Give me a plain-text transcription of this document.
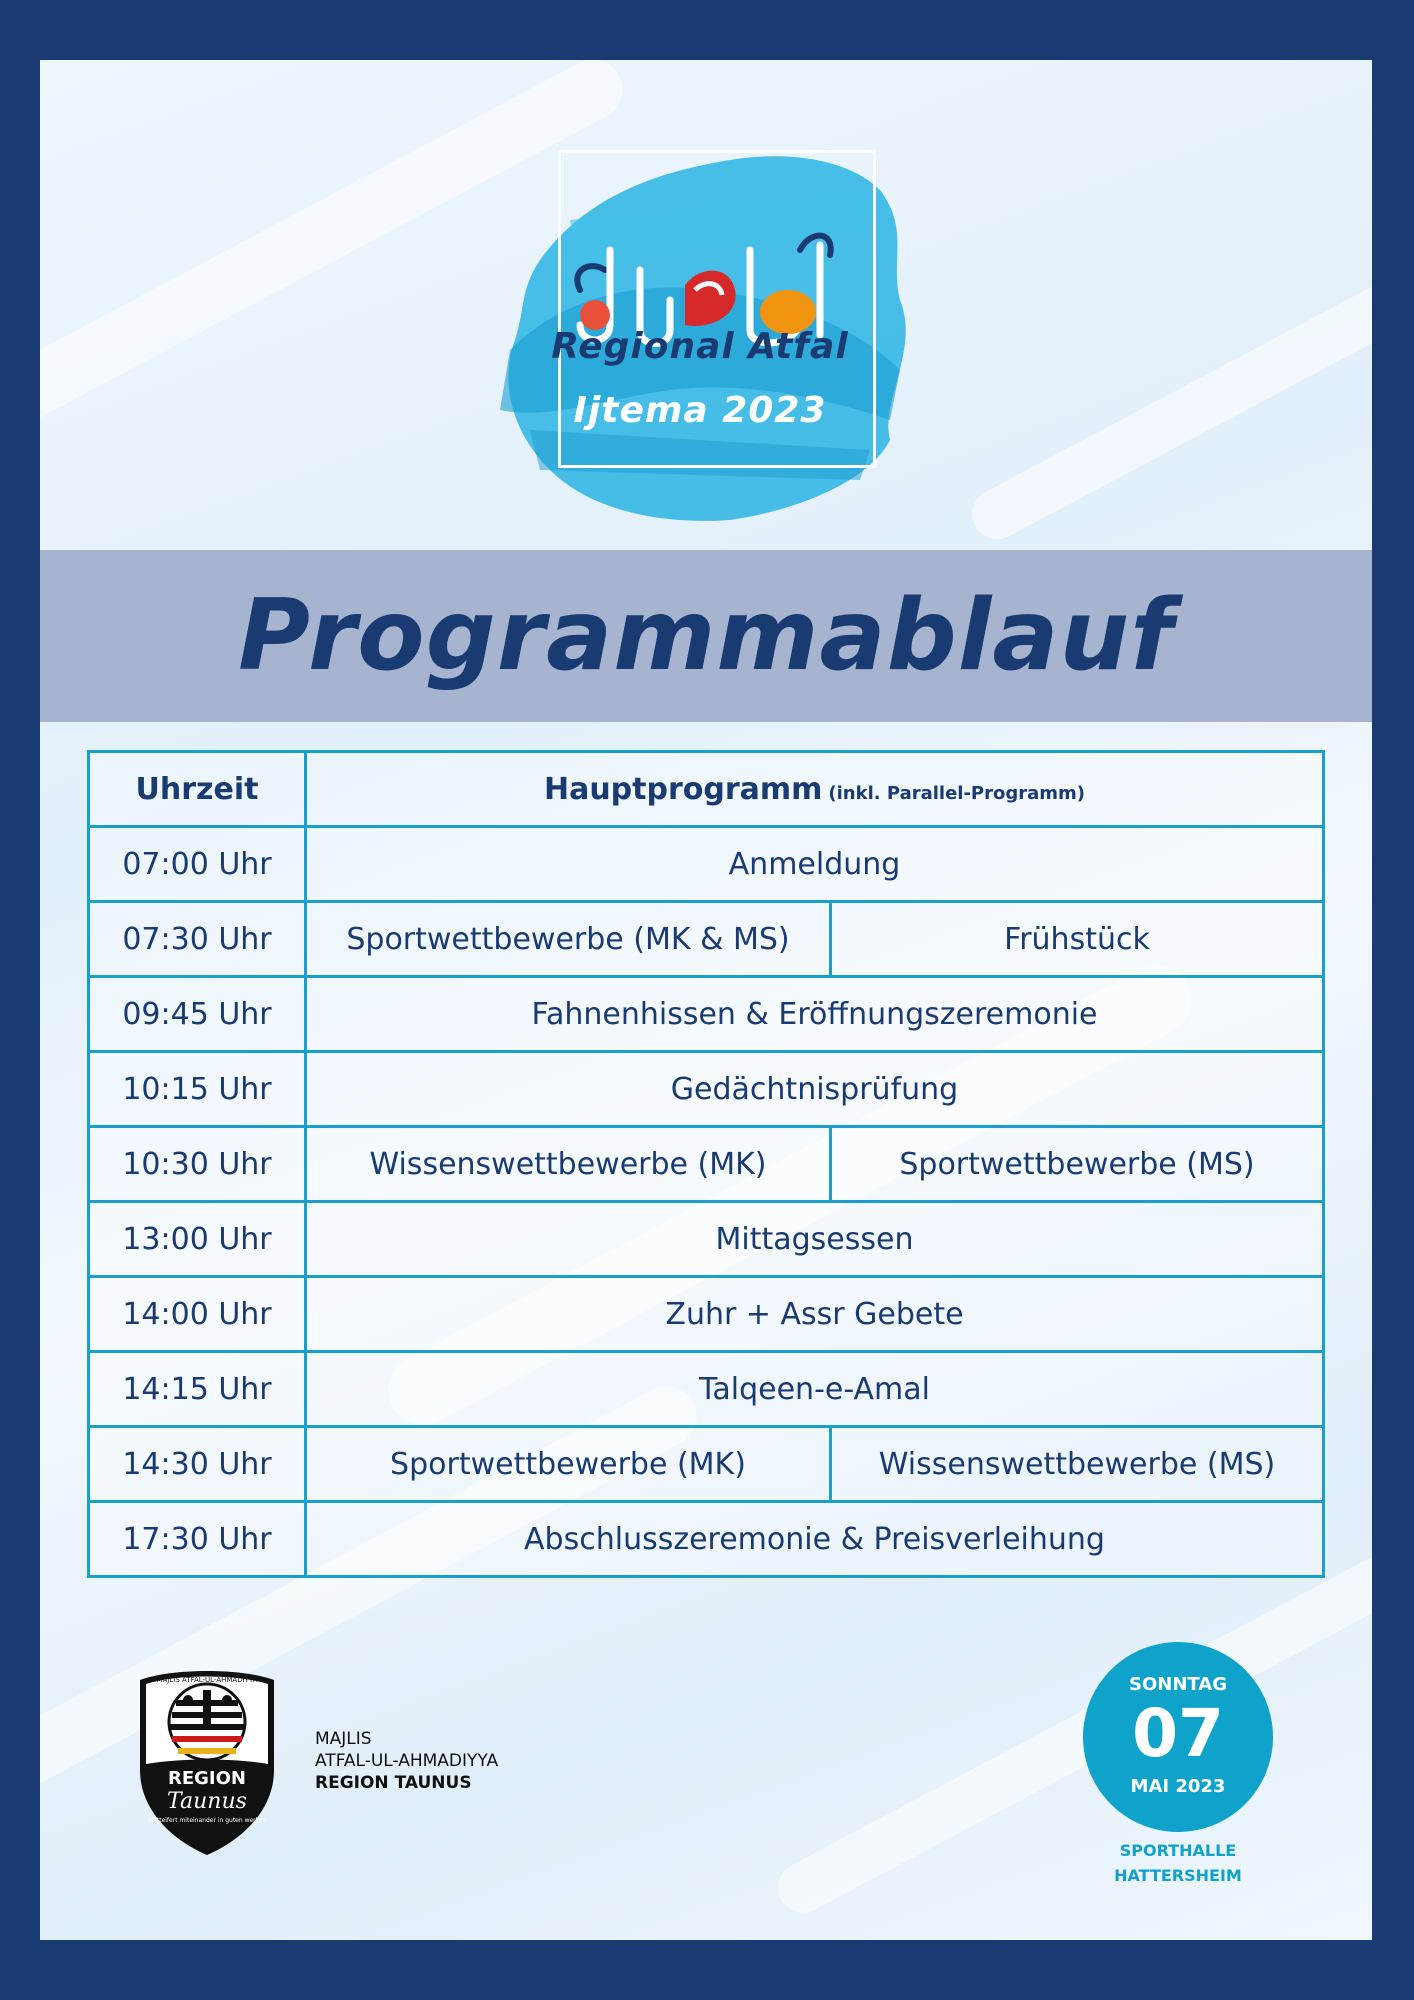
Regional Atfal
Ijtema 2023
Programmablauf
Uhrzeit	Hauptprogramm (inkl. Parallel-Programm)	
07:00 Uhr	Anmeldung	
07:30 Uhr	Sportwettbewerbe (MK & MS)	Frühstück
09:45 Uhr	Fahnenhissen & Eröffnungszeremonie	
10:15 Uhr	Gedächtnisprüfung	
10:30 Uhr	Wissenswettbewerbe (MK)	Sportwettbewerbe (MS)
13:00 Uhr	Mittagsessen	
14:00 Uhr	Zuhr + Assr Gebete	
14:15 Uhr	Talqeen-e-Amal	
14:30 Uhr	Sportwettbewerbe (MK)	Wissenswettbewerbe (MS)
17:30 Uhr	Abschlusszeremonie & Preisverleihung	
MAJLIS ATFAL-UL-AHMADIYYA
REGION
Taunus
Wetteifert miteinander in guten werken
MAJLIS
ATFAL-UL-AHMADIYYA
REGION TAUNUS
SONNTAG
07
MAI 2023
SPORTHALLE
HATTERSHEIM
